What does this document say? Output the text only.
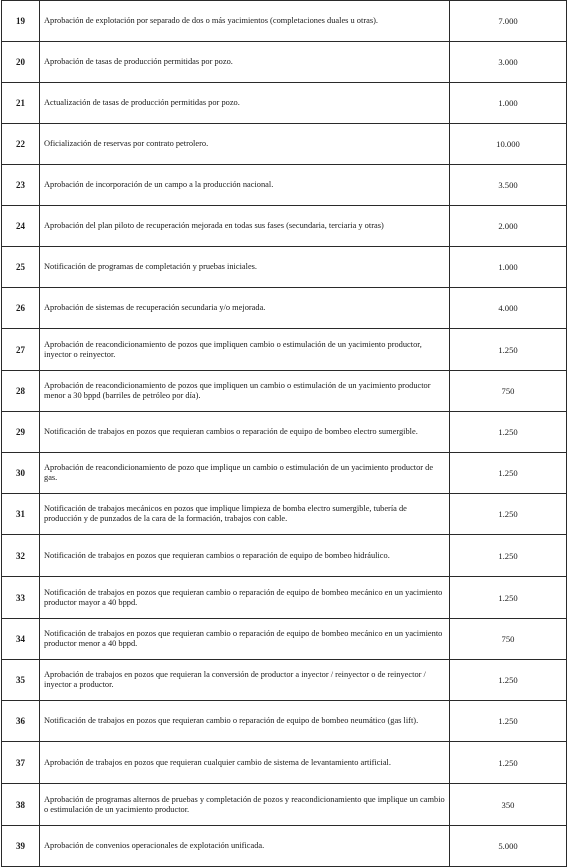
19	Aprobación de explotación por separado de dos o más yacimientos (completaciones duales u otras).	7.000
20	Aprobación de tasas de producción permitidas por pozo.	3.000
21	Actualización de tasas de producción permitidas por pozo.	1.000
22	Oficialización de reservas por contrato petrolero.	10.000
23	Aprobación de incorporación de un campo a la producción nacional.	3.500
24	Aprobación del plan piloto de recuperación mejorada en todas sus fases (secundaria, terciaria y otras)	2.000
25	Notificación de programas de completación y pruebas iniciales.	1.000
26	Aprobación de sistemas de recuperación secundaria y/o mejorada.	4.000
27	Aprobación de reacondicionamiento de pozos que impliquen cambio o estimulación de un yacimiento productor, inyector o reinyector.	1.250
28	Aprobación de reacondicionamiento de pozos que impliquen un cambio o estimulación de un yacimiento productor menor a 30 bppd (barriles de petróleo por día).	750
29	Notificación de trabajos en pozos que requieran cambios o reparación de equipo de bombeo electro sumergible.	1.250
30	Aprobación de reacondicionamiento de pozo que implique un cambio o estimulación de un yacimiento productor de gas.	1.250
31	Notificación de trabajos mecánicos en pozos que implique limpieza de bomba electro sumergible, tubería de producción y de punzados de la cara de la formación, trabajos con cable.	1.250
32	Notificación de trabajos en pozos que requieran cambios o reparación de equipo de bombeo hidráulico.	1.250
33	Notificación de trabajos en pozos que requieran cambio o reparación de equipo de bombeo mecánico en un yacimiento productor mayor a 40 bppd.	1.250
34	Notificación de trabajos en pozos que requieran cambio o reparación de equipo de bombeo mecánico en un yacimiento productor menor a 40 bppd.	750
35	Aprobación de trabajos en pozos que requieran la conversión de productor a inyector / reinyector o de reinyector / inyector a productor.	1.250
36	Notificación de trabajos en pozos que requieran cambio o reparación de equipo de bombeo neumático (gas lift).	1.250
37	Aprobación de trabajos en pozos que requieran cualquier cambio de sistema de levantamiento artificial.	1.250
38	Aprobación de programas alternos de pruebas y completación de pozos y reacondicionamiento que implique un cambio o estimulación de un yacimiento productor.	350
39	Aprobación de convenios operacionales de explotación unificada.	5.000
